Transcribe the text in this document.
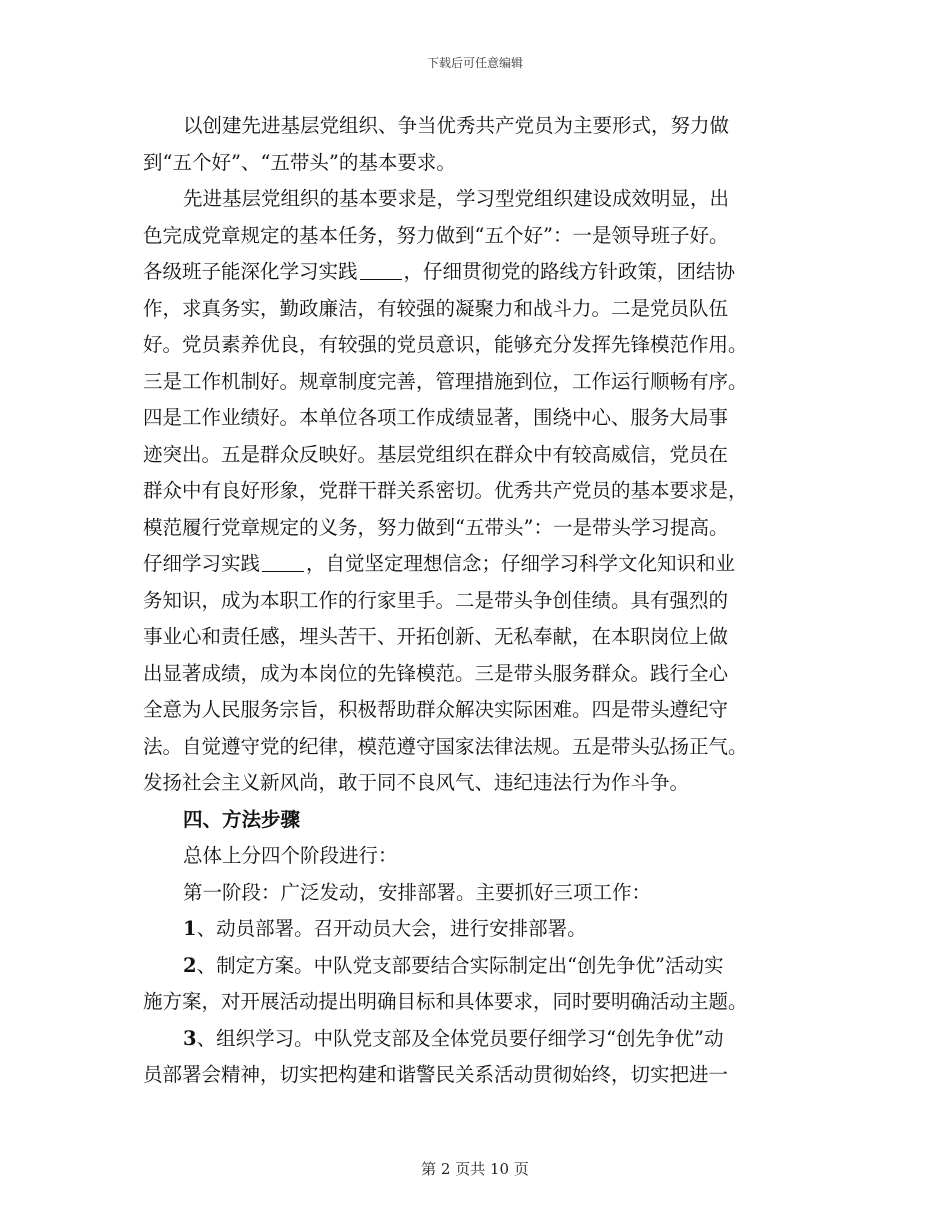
下载后可任意编辑
以创建先进基层党组织、争当优秀共产党员为主要形式，努力做
到“五个好”、“五带头”的基本要求。
先进基层党组织的基本要求是，学习型党组织建设成效明显，出
色完成党章规定的基本任务，努力做到“五个好”：一是领导班子好。
各级班子能深化学习实践 ，仔细贯彻党的路线方针政策，团结协
作，求真务实，勤政廉洁，有较强的凝聚力和战斗力。二是党员队伍
好。党员素养优良，有较强的党员意识，能够充分发挥先锋模范作用。
三是工作机制好。规章制度完善，管理措施到位，工作运行顺畅有序。
四是工作业绩好。本单位各项工作成绩显著，围绕中心、服务大局事
迹突出。五是群众反映好。基层党组织在群众中有较高威信，党员在
群众中有良好形象，党群干群关系密切。优秀共产党员的基本要求是，
模范履行党章规定的义务，努力做到“五带头”：一是带头学习提高。
仔细学习实践 ，自觉坚定理想信念；仔细学习科学文化知识和业
务知识，成为本职工作的行家里手。二是带头争创佳绩。具有强烈的
事业心和责任感，埋头苦干、开拓创新、无私奉献，在本职岗位上做
出显著成绩，成为本岗位的先锋模范。三是带头服务群众。践行全心
全意为人民服务宗旨，积极帮助群众解决实际困难。四是带头遵纪守
法。自觉遵守党的纪律，模范遵守国家法律法规。五是带头弘扬正气。
发扬社会主义新风尚，敢于同不良风气、违纪违法行为作斗争。
四、方法步骤
总体上分四个阶段进行：
第一阶段：广泛发动，安排部署。主要抓好三项工作：
1、动员部署。召开动员大会，进行安排部署。
2、制定方案。中队党支部要结合实际制定出“创先争优”活动实
施方案，对开展活动提出明确目标和具体要求，同时要明确活动主题。
3、组织学习。中队党支部及全体党员要仔细学习“创先争优”动
员部署会精神，切实把构建和谐警民关系活动贯彻始终，切实把进一
第 2 页共 10 页
